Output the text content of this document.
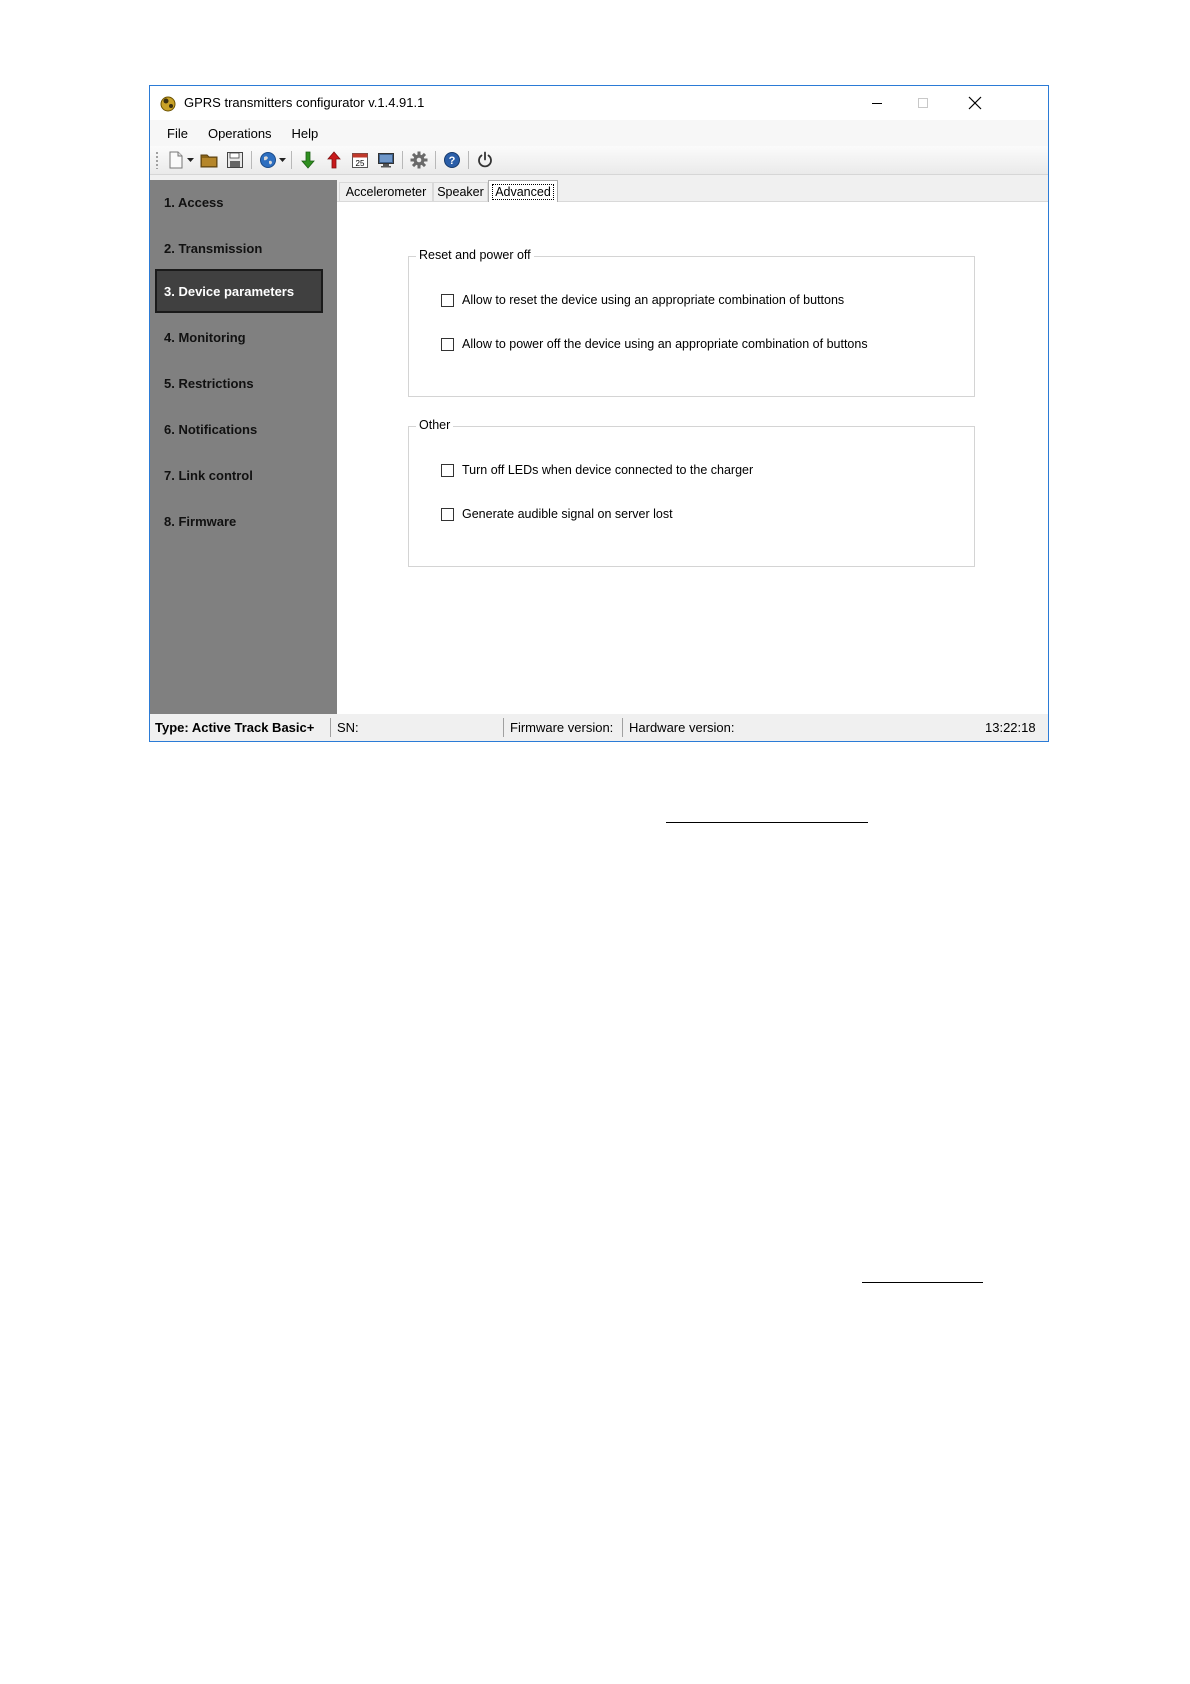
GPRS transmitters configurator v.1.4.91.1
File	Operations	Help
25	?
1. Access
2. Transmission
3. Device parameters
4. Monitoring
5. Restrictions
6. Notifications
7. Link control
8. Firmware
Accelerometer Speaker Advanced
Reset and power off
Allow to reset the device using an appropriate combination of buttons
Allow to power off the device using an appropriate combination of buttons
Other
Turn off LEDs when device connected to the charger
Generate audible signal on server lost
Type: Active Track Basic+	SN:	Firmware version:	Hardware version:	13:22:18
